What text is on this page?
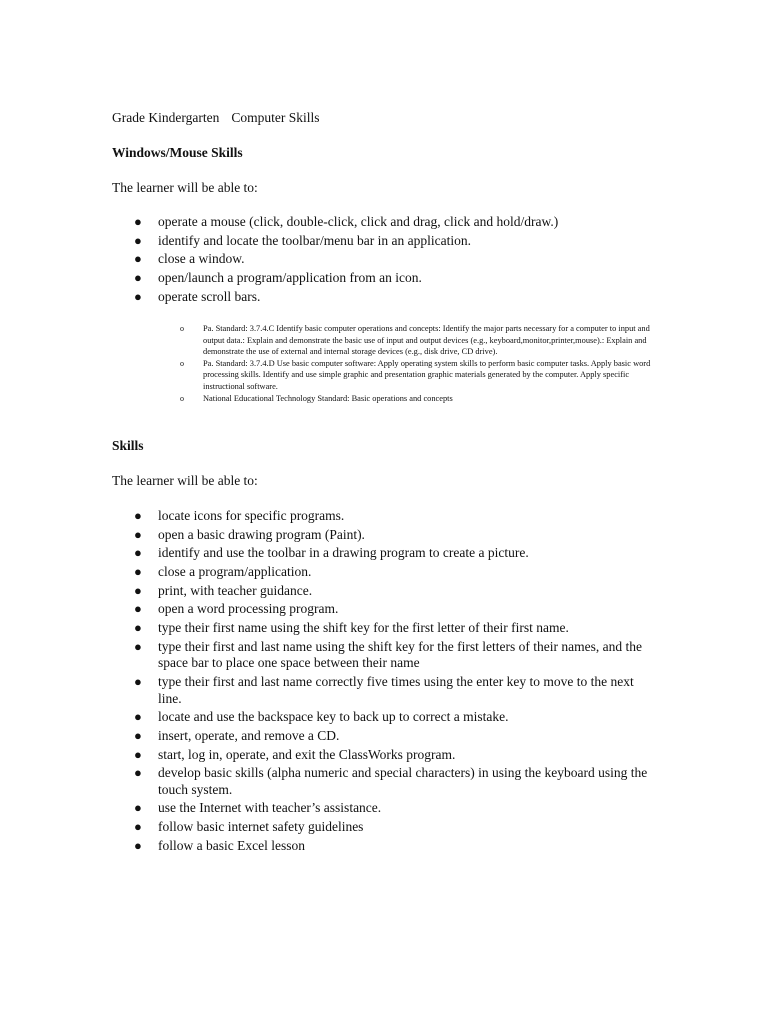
Grade Kindergarten Computer Skills
Windows/Mouse Skills
The learner will be able to:
● operate a mouse (click, double-click, click and drag, click and hold/draw.)
● identify and locate the toolbar/menu bar in an application.
● close a window.
● open/launch a program/application from an icon.
● operate scroll bars.
o Pa. Standard: 3.7.4.C Identify basic computer operations and concepts: Identify the major parts necessary for a computer to input and output data.: Explain and demonstrate the basic use of input and output devices (e.g., keyboard,monitor,printer,mouse).: Explain and demonstrate the use of external and internal storage devices (e.g., disk drive, CD drive).
o Pa. Standard: 3.7.4.D Use basic computer software: Apply operating system skills to perform basic computer tasks. Apply basic word processing skills. Identify and use simple graphic and presentation graphic materials generated by the computer. Apply specific instructional software.
o National Educational Technology Standard: Basic operations and concepts
Skills
The learner will be able to:
● locate icons for specific programs.
● open a basic drawing program (Paint).
● identify and use the toolbar in a drawing program to create a picture.
● close a program/application.
● print, with teacher guidance.
● open a word processing program.
● type their first name using the shift key for the first letter of their first name.
● type their first and last name using the shift key for the first letters of their names, and the space bar to place one space between their name
● type their first and last name correctly five times using the enter key to move to the next line.
● locate and use the backspace key to back up to correct a mistake.
● insert, operate, and remove a CD.
● start, log in, operate, and exit the ClassWorks program.
● develop basic skills (alpha numeric and special characters) in using the keyboard using the touch system.
● use the Internet with teacher’s assistance.
● follow basic internet safety guidelines
● follow a basic Excel lesson
